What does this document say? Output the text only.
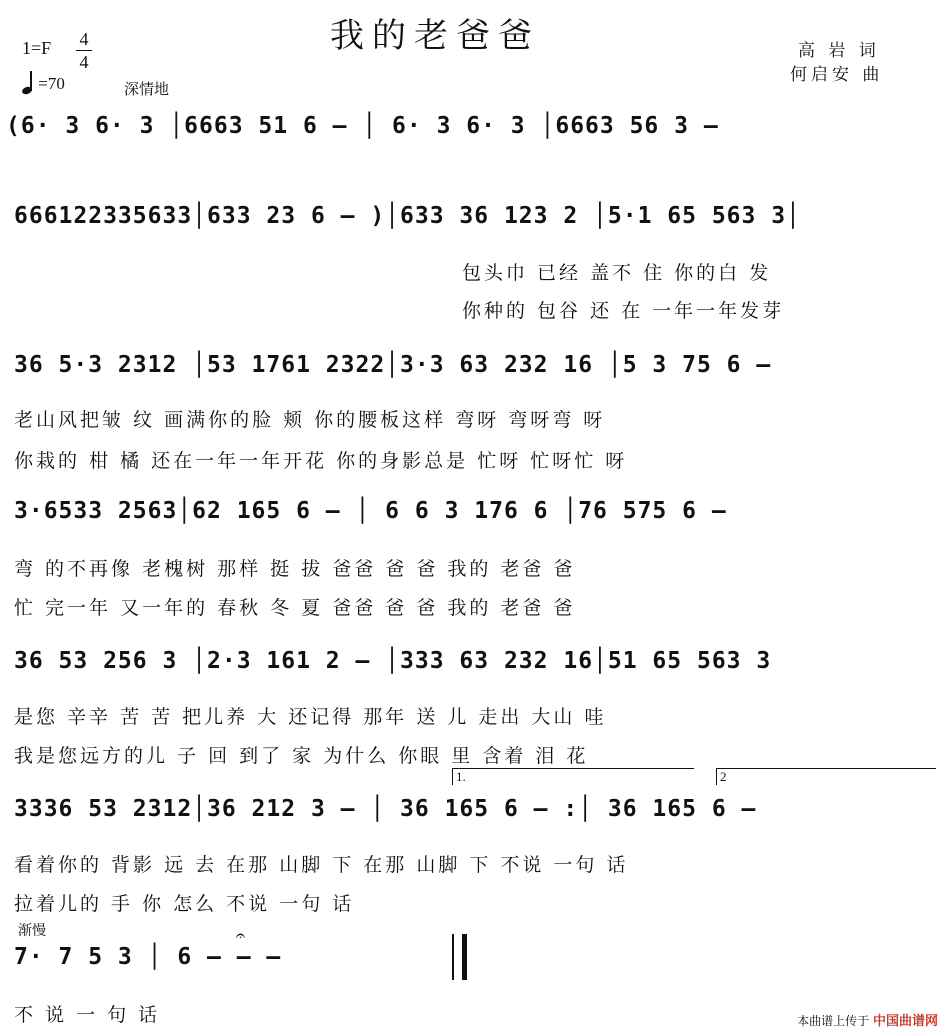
我的老爸爸
1=F 4
4
=70	深情地
高 岩 词
何启安 曲
(6· 3 6· 3 │6663 51 6 – │ 6· 3 6· 3 │6663 56 3 –
666122335633│633 23 6 – )│633 36 123 2 │5·1 65 563 3│
包头巾 已经 盖不 住 你的白 发
你种的 包谷 还 在 一年一年发芽
36 5·3 2312 │53 1761 2322│3·3 63 232 16 │5 3 75 6 –
老山风把皱 纹 画满你的脸 颊 你的腰板这样 弯呀 弯呀弯 呀
你栽的 柑 橘 还在一年一年开花 你的身影总是 忙呀 忙呀忙 呀
3·6533 2563│62 165 6 – │ 6 6 3 176 6 │76 575 6 –
弯 的不再像 老槐树 那样 挺 拔 爸爸 爸 爸 我的 老爸 爸
忙 完一年 又一年的 春秋 冬 夏 爸爸 爸 爸 我的 老爸 爸
36 53 256 3 │2·3 161 2 – │333 63 232 16│51 65 563 3
是您 辛辛 苦 苦 把儿养 大 还记得 那年 送 儿 走出 大山 哇
我是您远方的儿 子 回 到了 家 为什么 你眼 里 含着 泪 花
1.	2
3336 53 2312│36 212 3 – │ 36 165 6 – :│ 36 165 6 –
看着你的 背影 远 去 在那 山脚 下 在那 山脚 下 不说 一句 话
拉着儿的 手 你 怎么 不说 一句 话
渐慢
7· 7 5 3 │ 6 – – –
𝄐
不 说 一 句 话	本曲谱上传于 中国曲谱网
